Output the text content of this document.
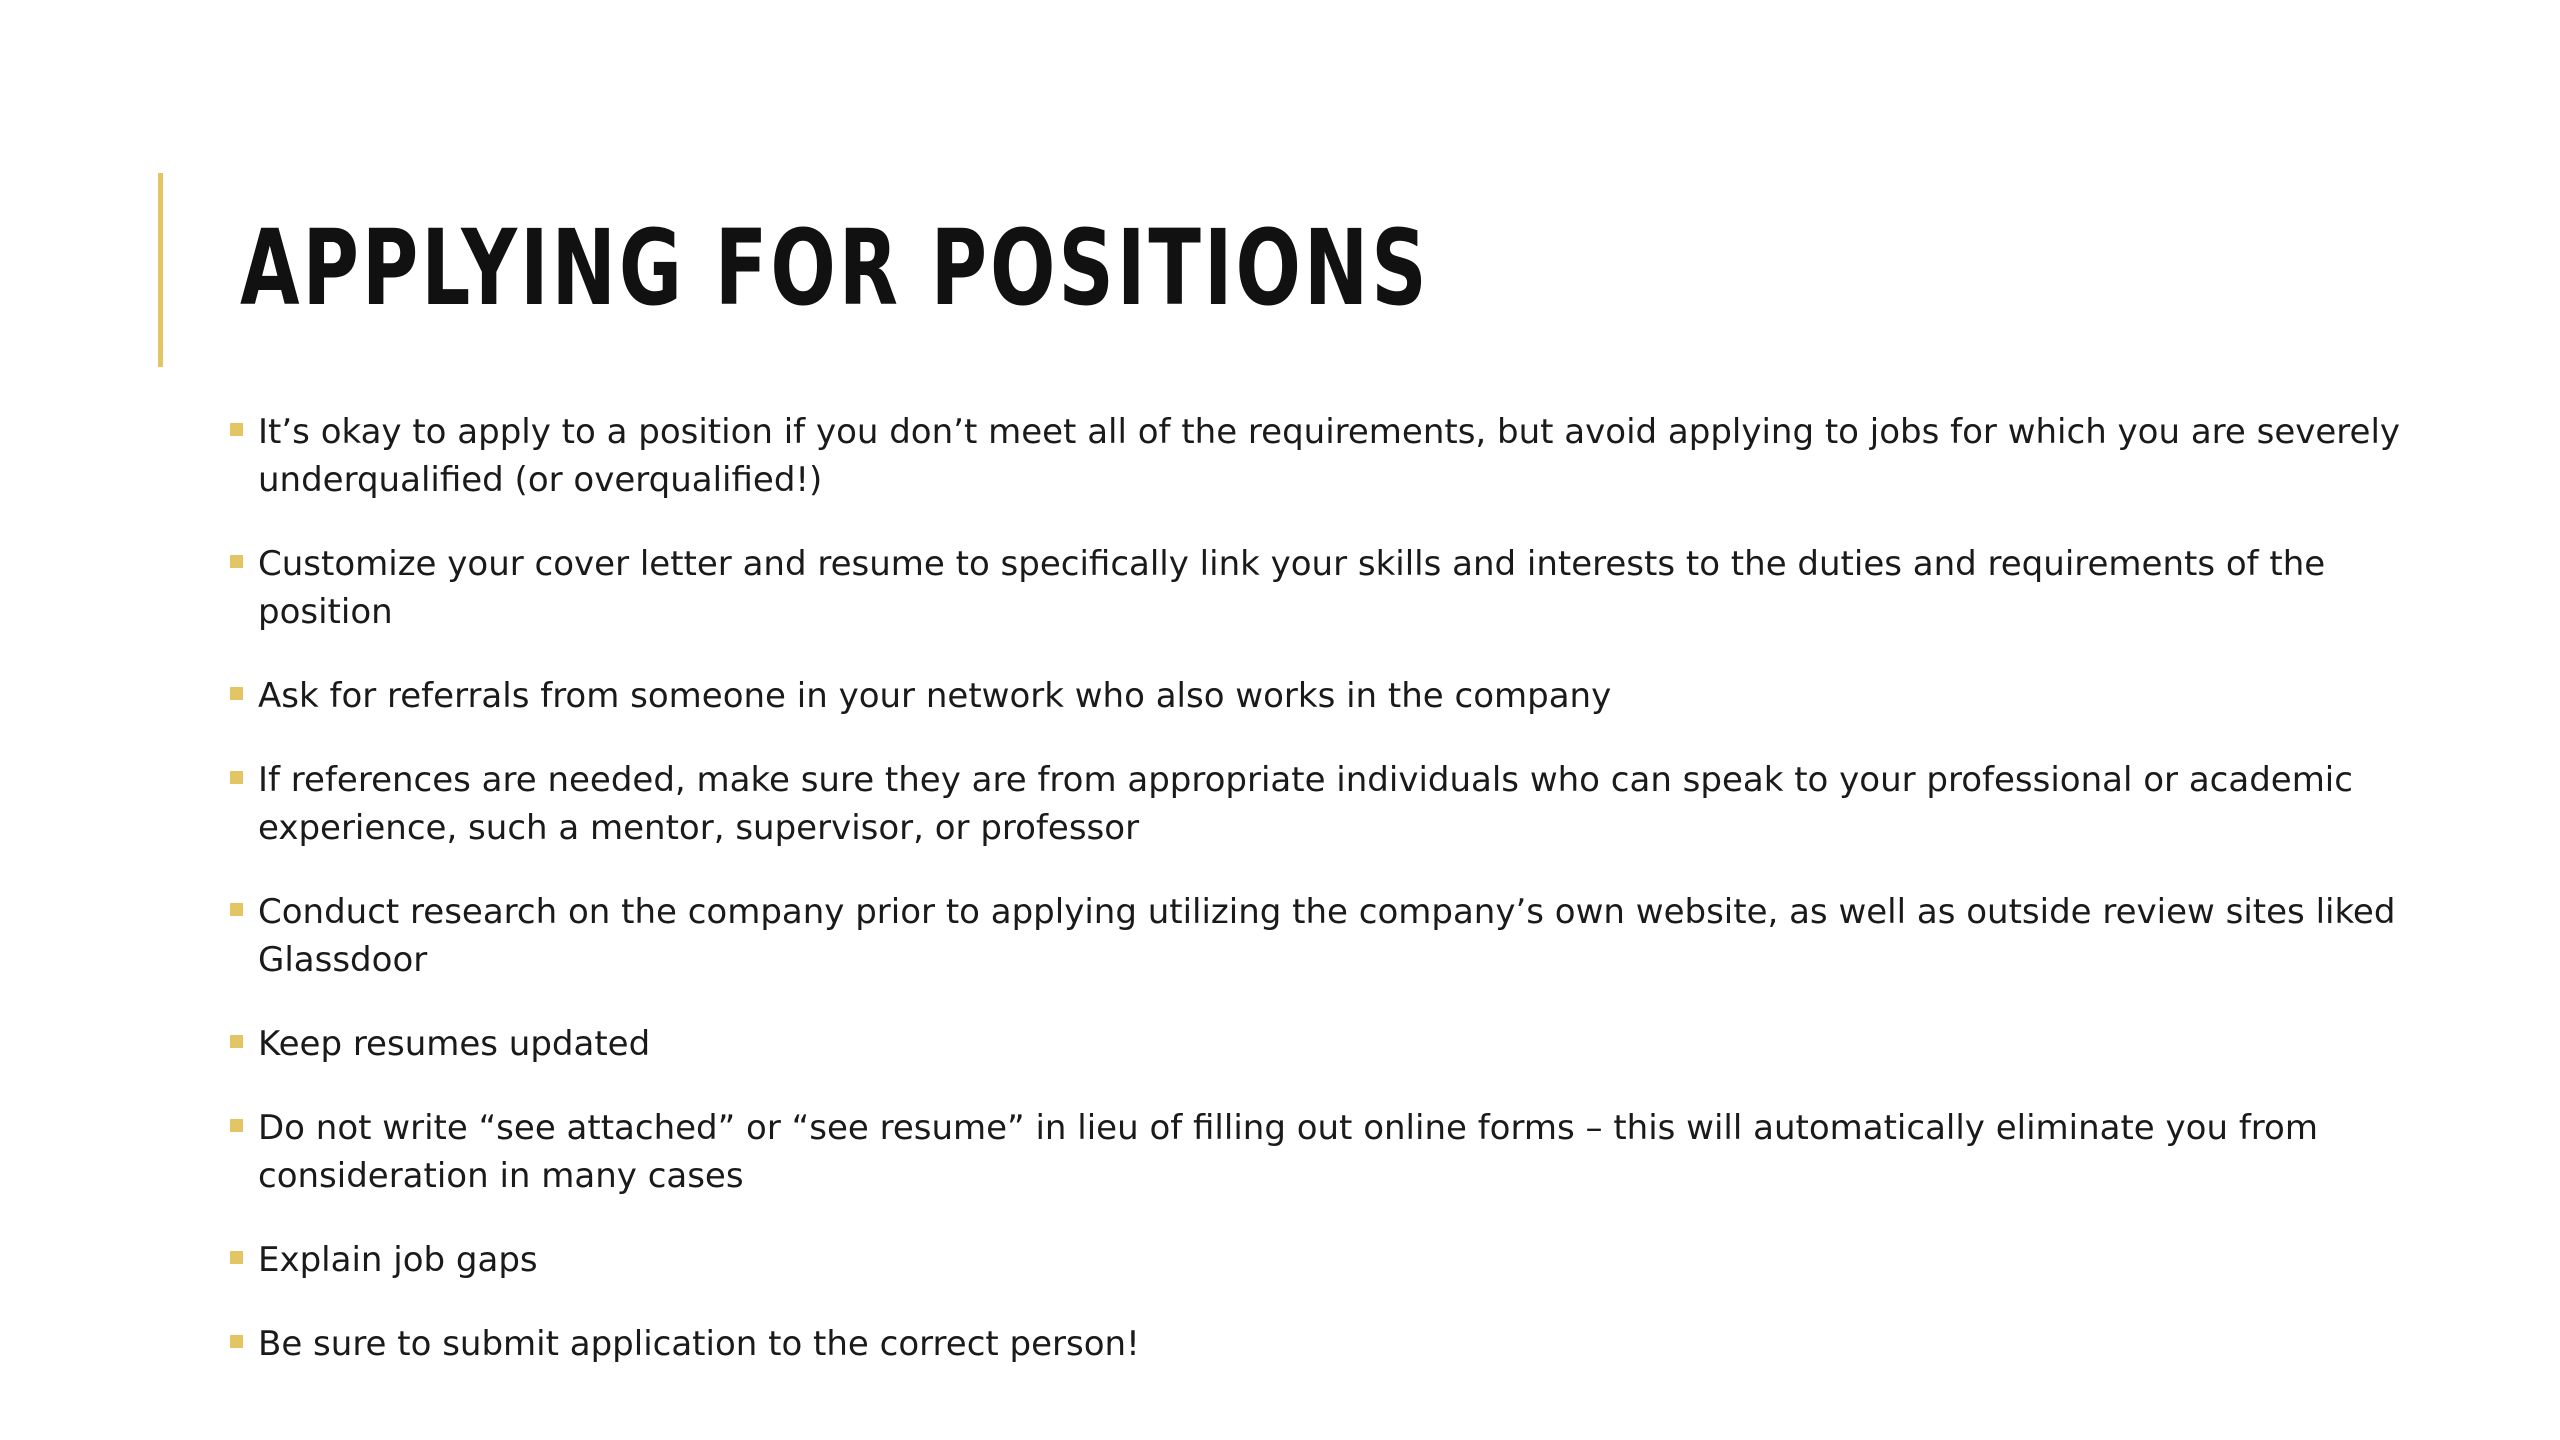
APPLYING FOR POSITIONS
It’s okay to apply to a position if you don’t meet all of the requirements, but avoid applying to jobs for which you are severely underqualified (or overqualified!)
Customize your cover letter and resume to specifically link your skills and interests to the duties and requirements of the position
Ask for referrals from someone in your network who also works in the company
If references are needed, make sure they are from appropriate individuals who can speak to your professional or academic experience, such a mentor, supervisor, or professor
Conduct research on the company prior to applying utilizing the company’s own website, as well as outside review sites liked Glassdoor
Keep resumes updated
Do not write “see attached” or “see resume” in lieu of filling out online forms – this will automatically eliminate you from consideration in many cases
Explain job gaps
Be sure to submit application to the correct person!
